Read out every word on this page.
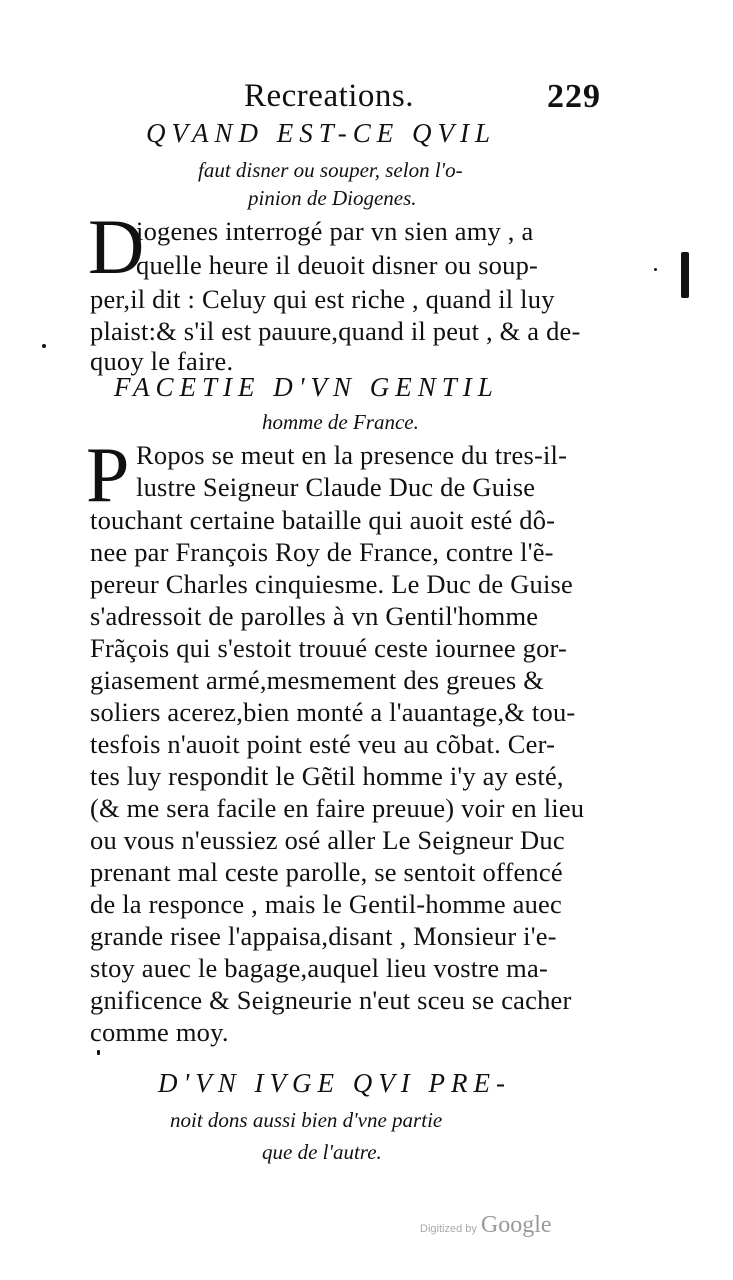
Recreations.	229
QVAND EST-CE QVIL
faut disner ou souper, selon l'o-
pinion de Diogenes.
D
iogenes interrogé par vn sien amy , a
quelle heure il deuoit disner ou soup-
per,il dit : Celuy qui est riche , quand il luy
plaist:& s'il est pauure,quand il peut , & a de-
quoy le faire.
FACETIE D'VN GENTIL
homme de France.
P Ropos se meut en la presence du tres-il-
lustre Seigneur Claude Duc de Guise
touchant certaine bataille qui auoit esté dô-
nee par François Roy de France, contre l'ẽ-
pereur Charles cinquiesme. Le Duc de Guise
s'adressoit de parolles à vn Gentil'homme
Frãçois qui s'estoit trouué ceste iournee gor-
giasement armé,mesmement des greues &
soliers acerez,bien monté a l'auantage,& tou-
tesfois n'auoit point esté veu au cõbat. Cer-
tes luy respondit le Gẽtil homme i'y ay esté,
(& me sera facile en faire preuue) voir en lieu
ou vous n'eussiez osé aller Le Seigneur Duc
prenant mal ceste parolle, se sentoit offencé
de la responce , mais le Gentil-homme auec
grande risee l'appaisa,disant , Monsieur i'e-
stoy auec le bagage,auquel lieu vostre ma-
gnificence & Seigneurie n'eut sceu se cacher
comme moy.
D'VN IVGE QVI PRE-
noit dons aussi bien d'vne partie
que de l'autre.
Digitized by Google
